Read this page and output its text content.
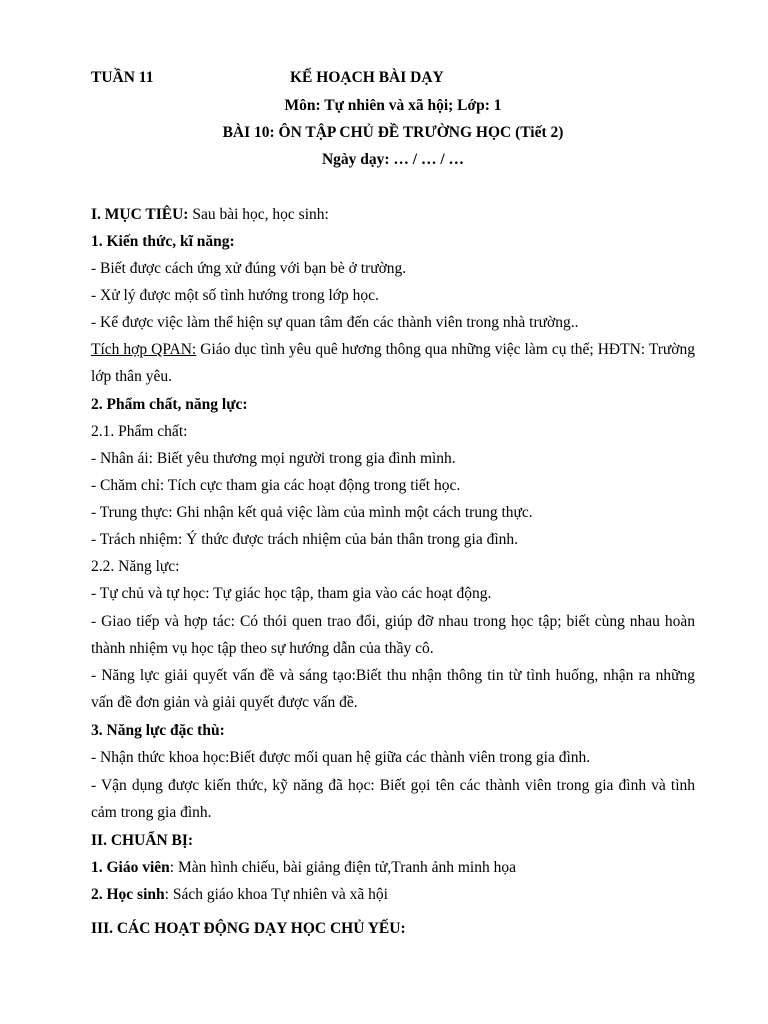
TUẦN 11	KẾ HOẠCH BÀI DẠY
Môn: Tự nhiên và xã hội; Lớp: 1
BÀI 10: ÔN TẬP CHỦ ĐỀ TRƯỜNG HỌC (Tiết 2)
Ngày dạy: … / … / …
I. MỤC TIÊU: Sau bài học, học sinh:
1. Kiến thức, kĩ năng:
- Biết được cách ứng xử đúng với bạn bè ở trường.
- Xử lý được một số tình hướng trong lớp học.
- Kể được việc làm thể hiện sự quan tâm đến các thành viên trong nhà trường..
Tích hợp QPAN: Giáo dục tình yêu quê hương thông qua những việc làm cụ thể; HĐTN: Trường lớp thân yêu.
2. Phẩm chất, năng lực:
2.1. Phẩm chất:
- Nhân ái: Biết yêu thương mọi người trong gia đình mình.
- Chăm chỉ: Tích cực tham gia các hoạt động trong tiết học.
- Trung thực: Ghi nhận kết quả việc làm của mình một cách trung thực.
- Trách nhiệm: Ý thức được trách nhiệm của bản thân trong gia đình.
2.2. Năng lực:
- Tự chủ và tự học: Tự giác học tập, tham gia vào các hoạt động.
- Giao tiếp và hợp tác: Có thói quen trao đổi, giúp đỡ nhau trong học tập; biết cùng nhau hoàn thành nhiệm vụ học tập theo sự hướng dẫn của thầy cô.
- Năng lực giải quyết vấn đề và sáng tạo:Biết thu nhận thông tin từ tình huống, nhận ra những vấn đề đơn giản và giải quyết được vấn đề.
3. Năng lực đặc thù:
- Nhận thức khoa học:Biết được mối quan hệ giữa các thành viên trong gia đình.
- Vận dụng được kiến thức, kỹ năng đã học: Biết gọi tên các thành viên trong gia đình và tình cảm trong gia đình.
II. CHUẨN BỊ:
1. Giáo viên: Màn hình chiếu, bài giảng điện tử,Tranh ảnh minh họa
2. Học sinh: Sách giáo khoa Tự nhiên và xã hội
III. CÁC HOẠT ĐỘNG DẠY HỌC CHỦ YẾU:
